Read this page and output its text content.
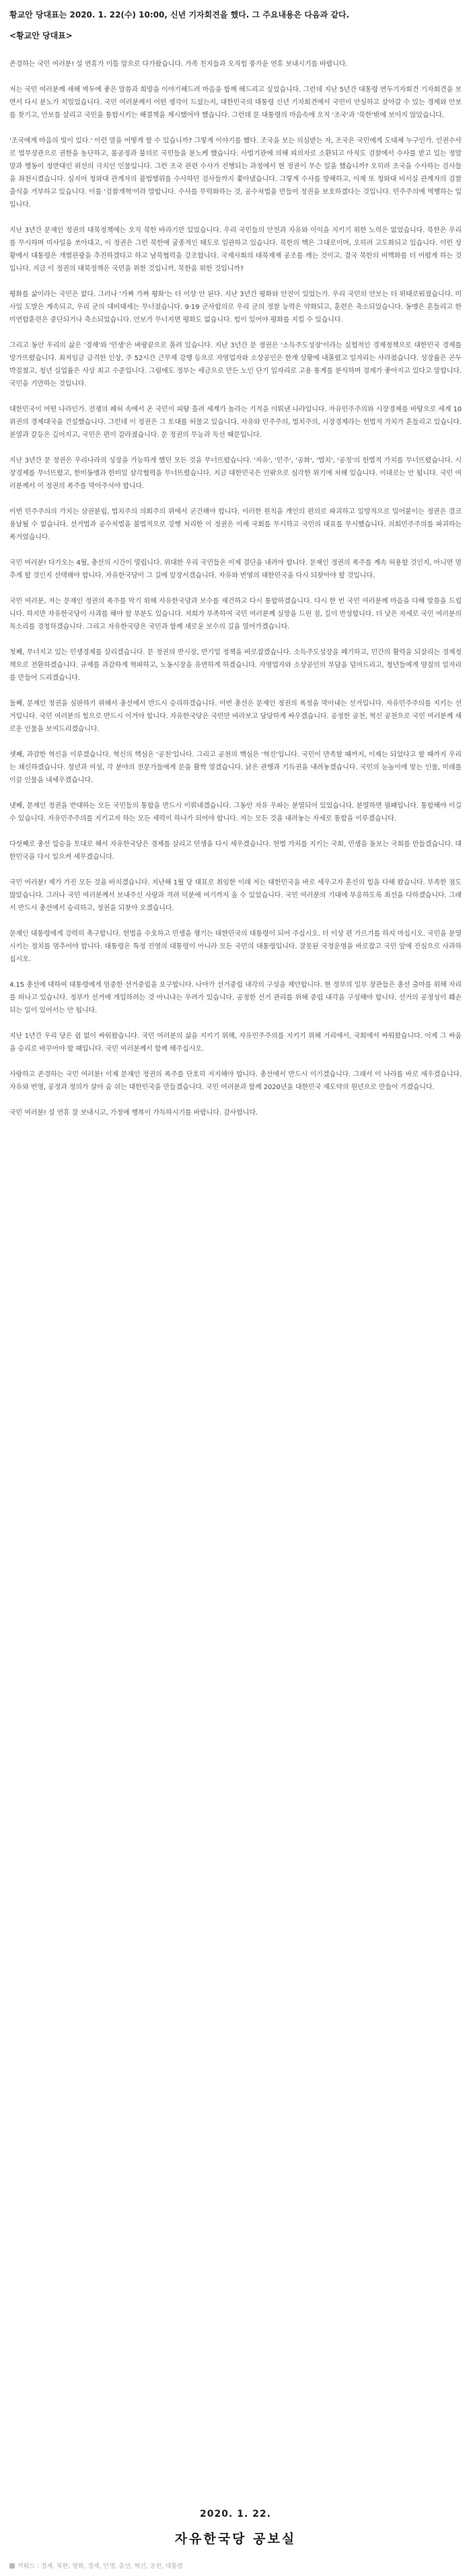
황교안 당대표는 2020. 1. 22(수) 10:00, 신년 기자회견을 했다. 그 주요내용은 다음과 같다.
<황교안 당대표>

존경하는 국민 여러분! 설 연휴가 이틀 앞으로 다가왔습니다. 가족 친지들과 오직힘 풍가운 연휴 보내시기를 바랍니다.

저는 국민 여러분께 새해 벽두에 좋은 말씀과 희망을 이야기해드려 마음을 함께 해드리고 싶었습니다. 그런데 지난 5년간 대통령 연두기자회견 기자회견을 보면서 다시 분노가 치밀었습니다. 국민 여러분께서 어떤 생각이 드셨는지, 대한민국의 대통령 신년 기자회견에서 국민이 안심하고 살아갈 수 있는 경제와 안보를 찾기고, 안보를 살리고 국민을 통합시키는 해결책을 제시했어야 했습니다. 그런데 문 대통령의 마음속에 오직 '조국'과 '북한'밖에 보이지 않았습니다.

'조국에게 마음의 빚이 있다.' 이런 말을 어떻게 할 수 있습니까? 그렇게 이야기를 했다. 조국을 보는 의심받는 자, 조국은 국민에게 도대체 누구인가. 인권수사로 법무장관으로 권한을 농단하고, 불공정과 불의로 국민들을 분노케 했습니다. 사법기관에 의해 피의자로 소환되고 아직도 검찰에서 수사를 받고 있는 정말 말과 행동이 정반대인 위선의 극치인 인물입니다. 그런 조국 관련 수사가 진행되는 과정에서 현 정권이 무슨 일을 했습니까? 오히려 조국을 수사하는 검사들을 좌천시켰습니다. 심지어 청와대 관계자의 불법행위를 수사하던 검사들까지 쫓아냈습니다. 그렇게 수사를 방해하고, 이제 또 청와대 비서실 관계자의 검찰 출석을 거부하고 있습니다. 이를 '검찰개혁'이라 말합니다. 수사를 무력화하는 것, 공수처법을 만들어 정권을 보호하겠다는 것입니다. 민주주의에 역행하는 일입니다.

지난 3년간 문재인 정권의 대북정책에는 오직 북한 바라기만 있었습니다. 우리 국민들의 안전과 자유와 이익을 지키기 위한 노력은 없었습니다. 북한은 우리를 무시하며 미사일을 쏘아대고, 이 정권은 그런 북한에 굴종적인 태도로 일관하고 있습니다. 북한의 핵은 그대로이며, 오히려 고도화되고 있습니다. 이런 상황에서 대통령은 개별관광을 추진하겠다고 하고 남북협력을 강조합니다. 국제사회의 대북제재 공조를 깨는 것이고, 결국 북한의 비핵화를 더 어렵게 하는 것입니다. 지금 이 정권의 대북정책은 국민을 위한 것입니까, 북한을 위한 것입니까?

평화를 삶이라는 국민은 없다. 그러나 '가짜 가짜 평화'는 더 이상 안 된다. 지난 3년간 평화와 안전이 있었는가. 우리 국민의 안보는 더 위태로워졌습니다. 미사일 도발은 계속되고, 우리 군의 대비태세는 무너졌습니다. 9·19 군사합의로 우리 군의 정찰 능력은 약화되고, 훈련은 축소되었습니다. 동맹은 흔들리고 한미연합훈련은 중단되거나 축소되었습니다. 안보가 무너지면 평화도 없습니다. 힘이 있어야 평화를 지킬 수 있습니다.

그리고 동안 우리의 삶은 '경제'와 '민생'은 벼랑끝으로 몰려 있습니다. 지난 3년간 문 정권은 '소득주도성장'이라는 실험적인 경제정책으로 대한민국 경제를 망가뜨렸습니다. 최저임금 급격한 인상, 주 52시간 근무제 강행 등으로 자영업자와 소상공인은 한계 상황에 내몰렸고 일자리는 사라졌습니다. 성장률은 곤두박질쳤고, 청년 실업률은 사상 최고 수준입니다. 그럼에도 정부는 세금으로 만든 노인 단기 일자리로 고용 통계를 분식하며 경제가 좋아지고 있다고 말합니다. 국민을 기만하는 것입니다.

대한민국이 어떤 나라인가. 전쟁의 폐허 속에서 온 국민이 피땀 흘려 세계가 놀라는 기적을 이뤄낸 나라입니다. 자유민주주의와 시장경제를 바탕으로 세계 10위권의 경제대국을 건설했습니다. 그런데 이 정권은 그 토대를 허물고 있습니다. 자유와 민주주의, 법치주의, 시장경제라는 헌법적 가치가 흔들리고 있습니다. 분열과 갈등은 깊어지고, 국민은 편이 갈라졌습니다. 문 정권의 무능과 독선 때문입니다.

지난 3년간 문 정권은 우리나라의 성장을 가능하게 했던 모든 것을 무너뜨렸습니다. '자유', '민주', '공화', '법치', '공정'의 헌법적 가치를 무너뜨렸습니다. 시장경제를 무너뜨렸고, 한미동맹과 한미일 삼각협력을 무너뜨렸습니다. 지금 대한민국은 안팎으로 심각한 위기에 처해 있습니다. 이대로는 안 됩니다. 국민 여러분께서 이 정권의 폭주를 막아주셔야 합니다.

이번 민주주의의 가치는 삼권분립, 법치주의 의회주의 위에서 굳건해야 합니다. 이러한 원칙을 개인의 편의로 파괴하고 일방적으로 밀어붙이는 정권은 결코 용납될 수 없습니다. 선거법과 공수처법을 불법적으로 강행 처리한 이 정권은 이제 국회를 무시하고 국민의 대표를 무시했습니다. 의회민주주의를 파괴하는 폭거였습니다.

국민 여러분! 다가오는 4월, 총선의 시간이 열립니다. 위대한 우리 국민들은 이제 결단을 내려야 합니다. 문재인 정권의 폭주를 계속 허용할 것인지, 아니면 멈추게 할 것인지 선택해야 합니다. 자유한국당이 그 길에 앞장서겠습니다. 자유와 번영의 대한민국을 다시 되찾아야 할 것입니다.

국민 여러분, 저는 문재인 정권의 폭주를 막기 위해 자유한국당과 보수를 재건하고 다시 통합하겠습니다. 다시 한 번 국민 여러분께 마음을 다해 말씀을 드립니다. 하지만 자유한국당이 사과를 해야 할 부분도 있습니다. 저희가 부족하여 국민 여러분께 실망을 드린 점, 깊이 반성합니다. 더 낮은 자세로 국민 여러분의 목소리를 경청하겠습니다. 그리고 자유한국당은 국민과 함께 새로운 보수의 길을 열어가겠습니다.

첫째, 무너지고 있는 민생경제를 살리겠습니다. 문 정권의 반시장, 반기업 정책을 바로잡겠습니다. 소득주도성장을 폐기하고, 민간의 활력을 되살리는 경제정책으로 전환하겠습니다. 규제를 과감하게 혁파하고, 노동시장을 유연하게 하겠습니다. 자영업자와 소상공인의 부담을 덜어드리고, 청년들에게 양질의 일자리를 만들어 드리겠습니다.

둘째, 문재인 정권을 심판하기 위해서 총선에서 반드시 승리하겠습니다. 이번 총선은 문재인 정권의 폭정을 막아내는 선거입니다. 자유민주주의를 지키는 선거입니다. 국민 여러분의 힘으로 반드시 이겨야 합니다. 자유한국당은 국민만 바라보고 당당하게 싸우겠습니다. 공정한 공천, 혁신 공천으로 국민 여러분께 새로운 인물을 보여드리겠습니다.

셋째, 과감한 혁신을 이루겠습니다. 혁신의 핵심은 '공천'입니다. 그리고 공천의 핵심은 '혁신'입니다. 국민이 만족할 때까지, 이제는 되었다고 할 때까지 우리는 쇄신하겠습니다. 청년과 여성, 각 분야의 전문가들에게 문을 활짝 열겠습니다. 낡은 관행과 기득권을 내려놓겠습니다. 국민의 눈높이에 맞는 인물, 미래를 이끌 인물을 내세우겠습니다.

넷째, 문재인 정권을 반대하는 모든 국민들의 통합을 반드시 이뤄내겠습니다. 그동안 자유 우파는 분열되어 있었습니다. 분열하면 필패입니다. 통합해야 이길 수 있습니다. 자유민주주의를 지키고자 하는 모든 세력이 하나가 되어야 합니다. 저는 모든 것을 내려놓는 자세로 통합을 이루겠습니다.

다섯째로 총선 압승을 토대로 해서 자유한국당은 경제를 살리고 민생을 다시 세우겠습니다. 헌법 가치를 지키는 국회, 민생을 돌보는 국회를 만들겠습니다. 대한민국을 다시 일으켜 세우겠습니다.

국민 여러분! 제가 가진 모든 것을 바치겠습니다. 지난해 1월 당 대표로 취임한 이래 저는 대한민국을 바로 세우고자 혼신의 힘을 다해 왔습니다. 부족한 점도 많았습니다. 그러나 국민 여러분께서 보내주신 사랑과 격려 덕분에 여기까지 올 수 있었습니다. 국민 여러분의 기대에 부응하도록 최선을 다하겠습니다. 그래서 반드시 총선에서 승리하고, 정권을 되찾아 오겠습니다.

문재인 대통령에게 강력히 촉구합니다. 헌법을 수호하고 민생을 챙기는 대한민국의 대통령이 되어 주십시오. 더 이상 편 가르기를 하지 마십시오. 국민을 분열시키는 정치를 멈추어야 합니다. 대통령은 특정 진영의 대통령이 아니라 모든 국민의 대통령입니다. 잘못된 국정운영을 바로잡고 국민 앞에 진심으로 사과하십시오.

4.15 총선에 대하여 대통령에게 엄중한 선거중립을 요구합니다. 나아가 선거중립 내각의 구성을 제안합니다. 현 정부의 일부 장관들은 총선 출마를 위해 자리를 떠나고 있습니다. 정부가 선거에 개입하려는 것 아니냐는 우려가 있습니다. 공정한 선거 관리를 위해 중립 내각을 구성해야 합니다. 선거의 공정성이 훼손되는 일이 있어서는 안 됩니다.

지난 1년간 우리 당은 쉼 없이 싸워왔습니다. 국민 여러분의 삶을 지키기 위해, 자유민주주의를 지키기 위해 거리에서, 국회에서 싸워왔습니다. 이제 그 싸움을 승리로 바꾸어야 할 때입니다. 국민 여러분께서 함께 해주십시오.

사랑하고 존경하는 국민 여러분! 이제 문재인 정권의 폭주를 단호히 저지해야 합니다. 총선에서 반드시 이기겠습니다. 그래서 이 나라를 바로 세우겠습니다. 자유와 번영, 공정과 정의가 살아 숨 쉬는 대한민국을 만들겠습니다. 국민 여러분과 함께 2020년을 대한민국 재도약의 원년으로 만들어 가겠습니다.

국민 여러분! 설 연휴 잘 보내시고, 가정에 행복이 가득하시기를 바랍니다. 감사합니다.

2020. 1. 22.
자유한국당 공보실
키워드 : 경제, 북한, 평화, 경제, 민생, 총선, 혁신, 공천, 대통령
